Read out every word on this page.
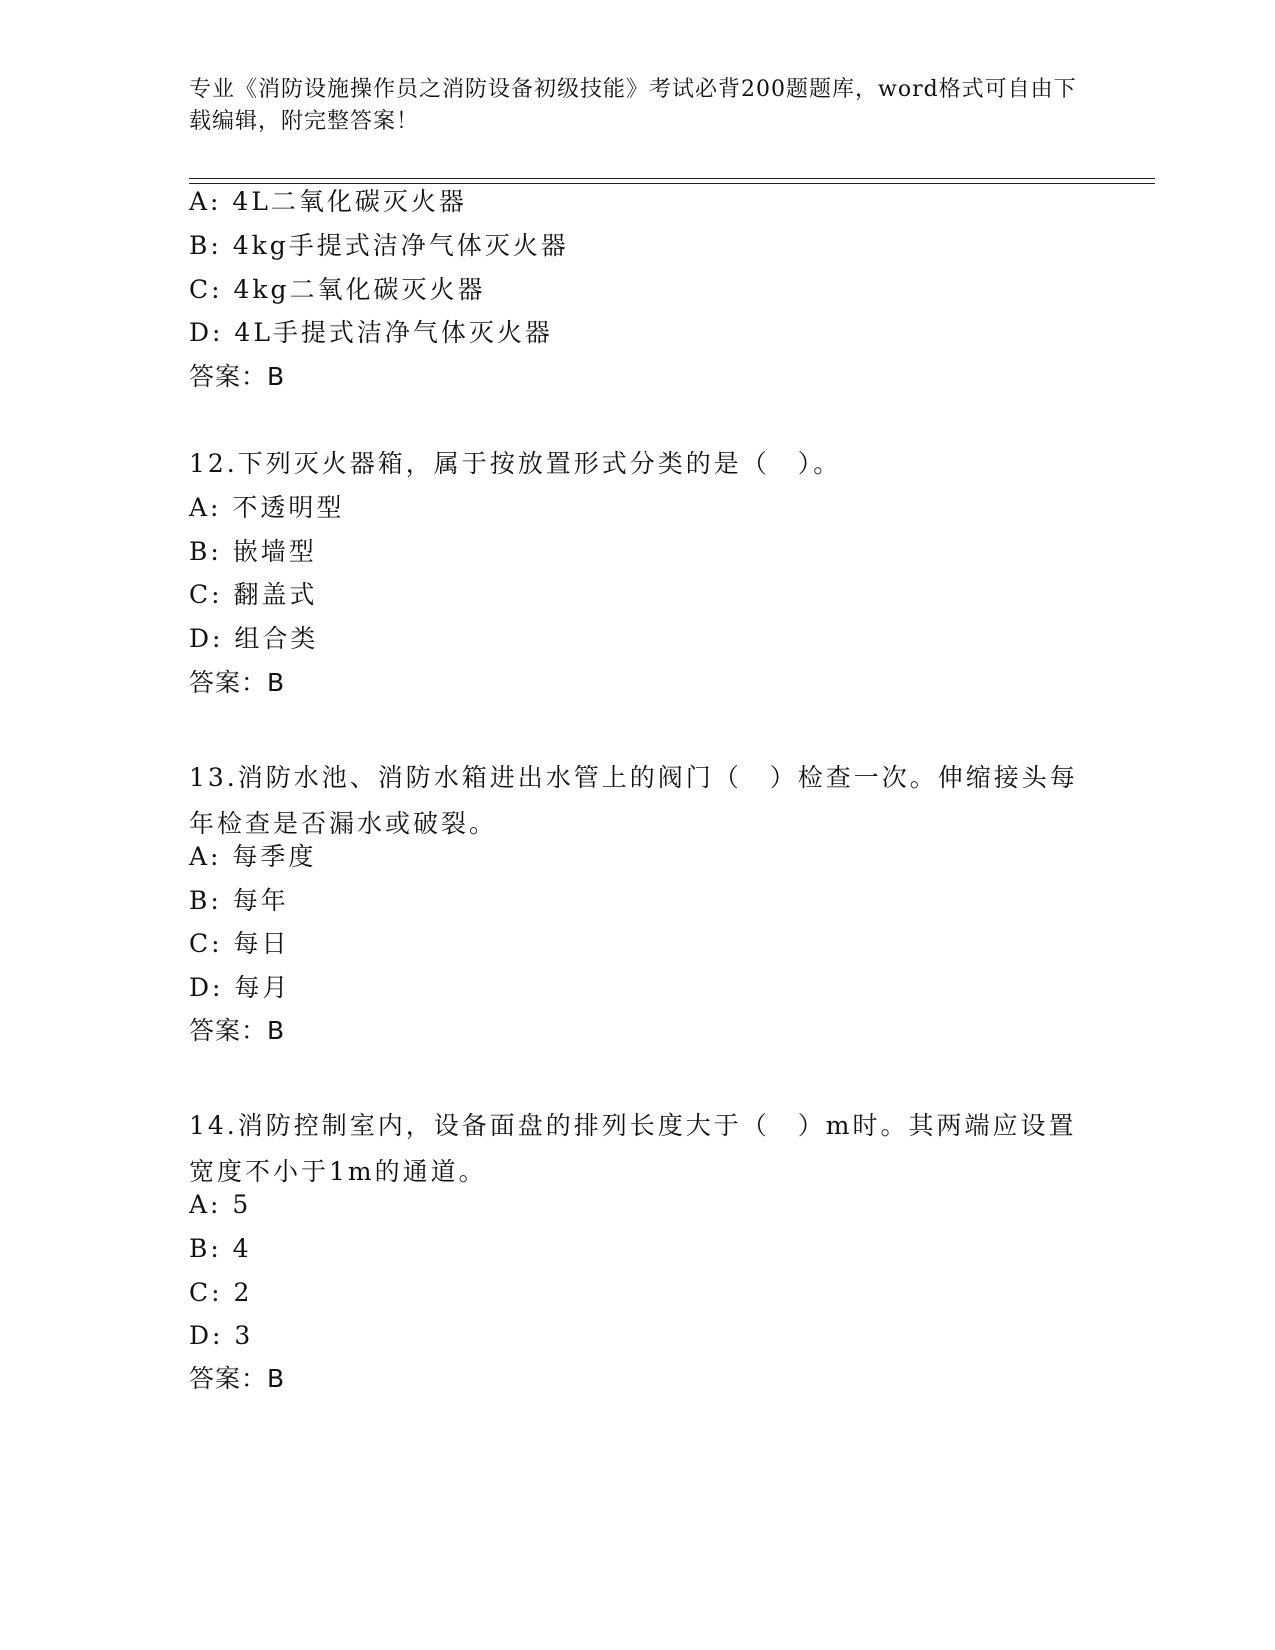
专业《消防设施操作员之消防设备初级技能》考试必背200题题库，word格式可自由下载编辑，附完整答案！
A: 4L二氧化碳灭火器
B: 4kg手提式洁净气体灭火器
C: 4kg二氧化碳灭火器
D: 4L手提式洁净气体灭火器
答案：B
12.下列灭火器箱，属于按放置形式分类的是（　）。
A: 不透明型
B: 嵌墙型
C: 翻盖式
D: 组合类
答案：B
13.消防水池、消防水箱进出水管上的阀门（　）检查一次。伸缩接头每年检查是否漏水或破裂。
A: 每季度
B: 每年
C: 每日
D: 每月
答案：B
14.消防控制室内，设备面盘的排列长度大于（　）m时。其两端应设置宽度不小于1m的通道。
A: 5
B: 4
C: 2
D: 3
答案：B
